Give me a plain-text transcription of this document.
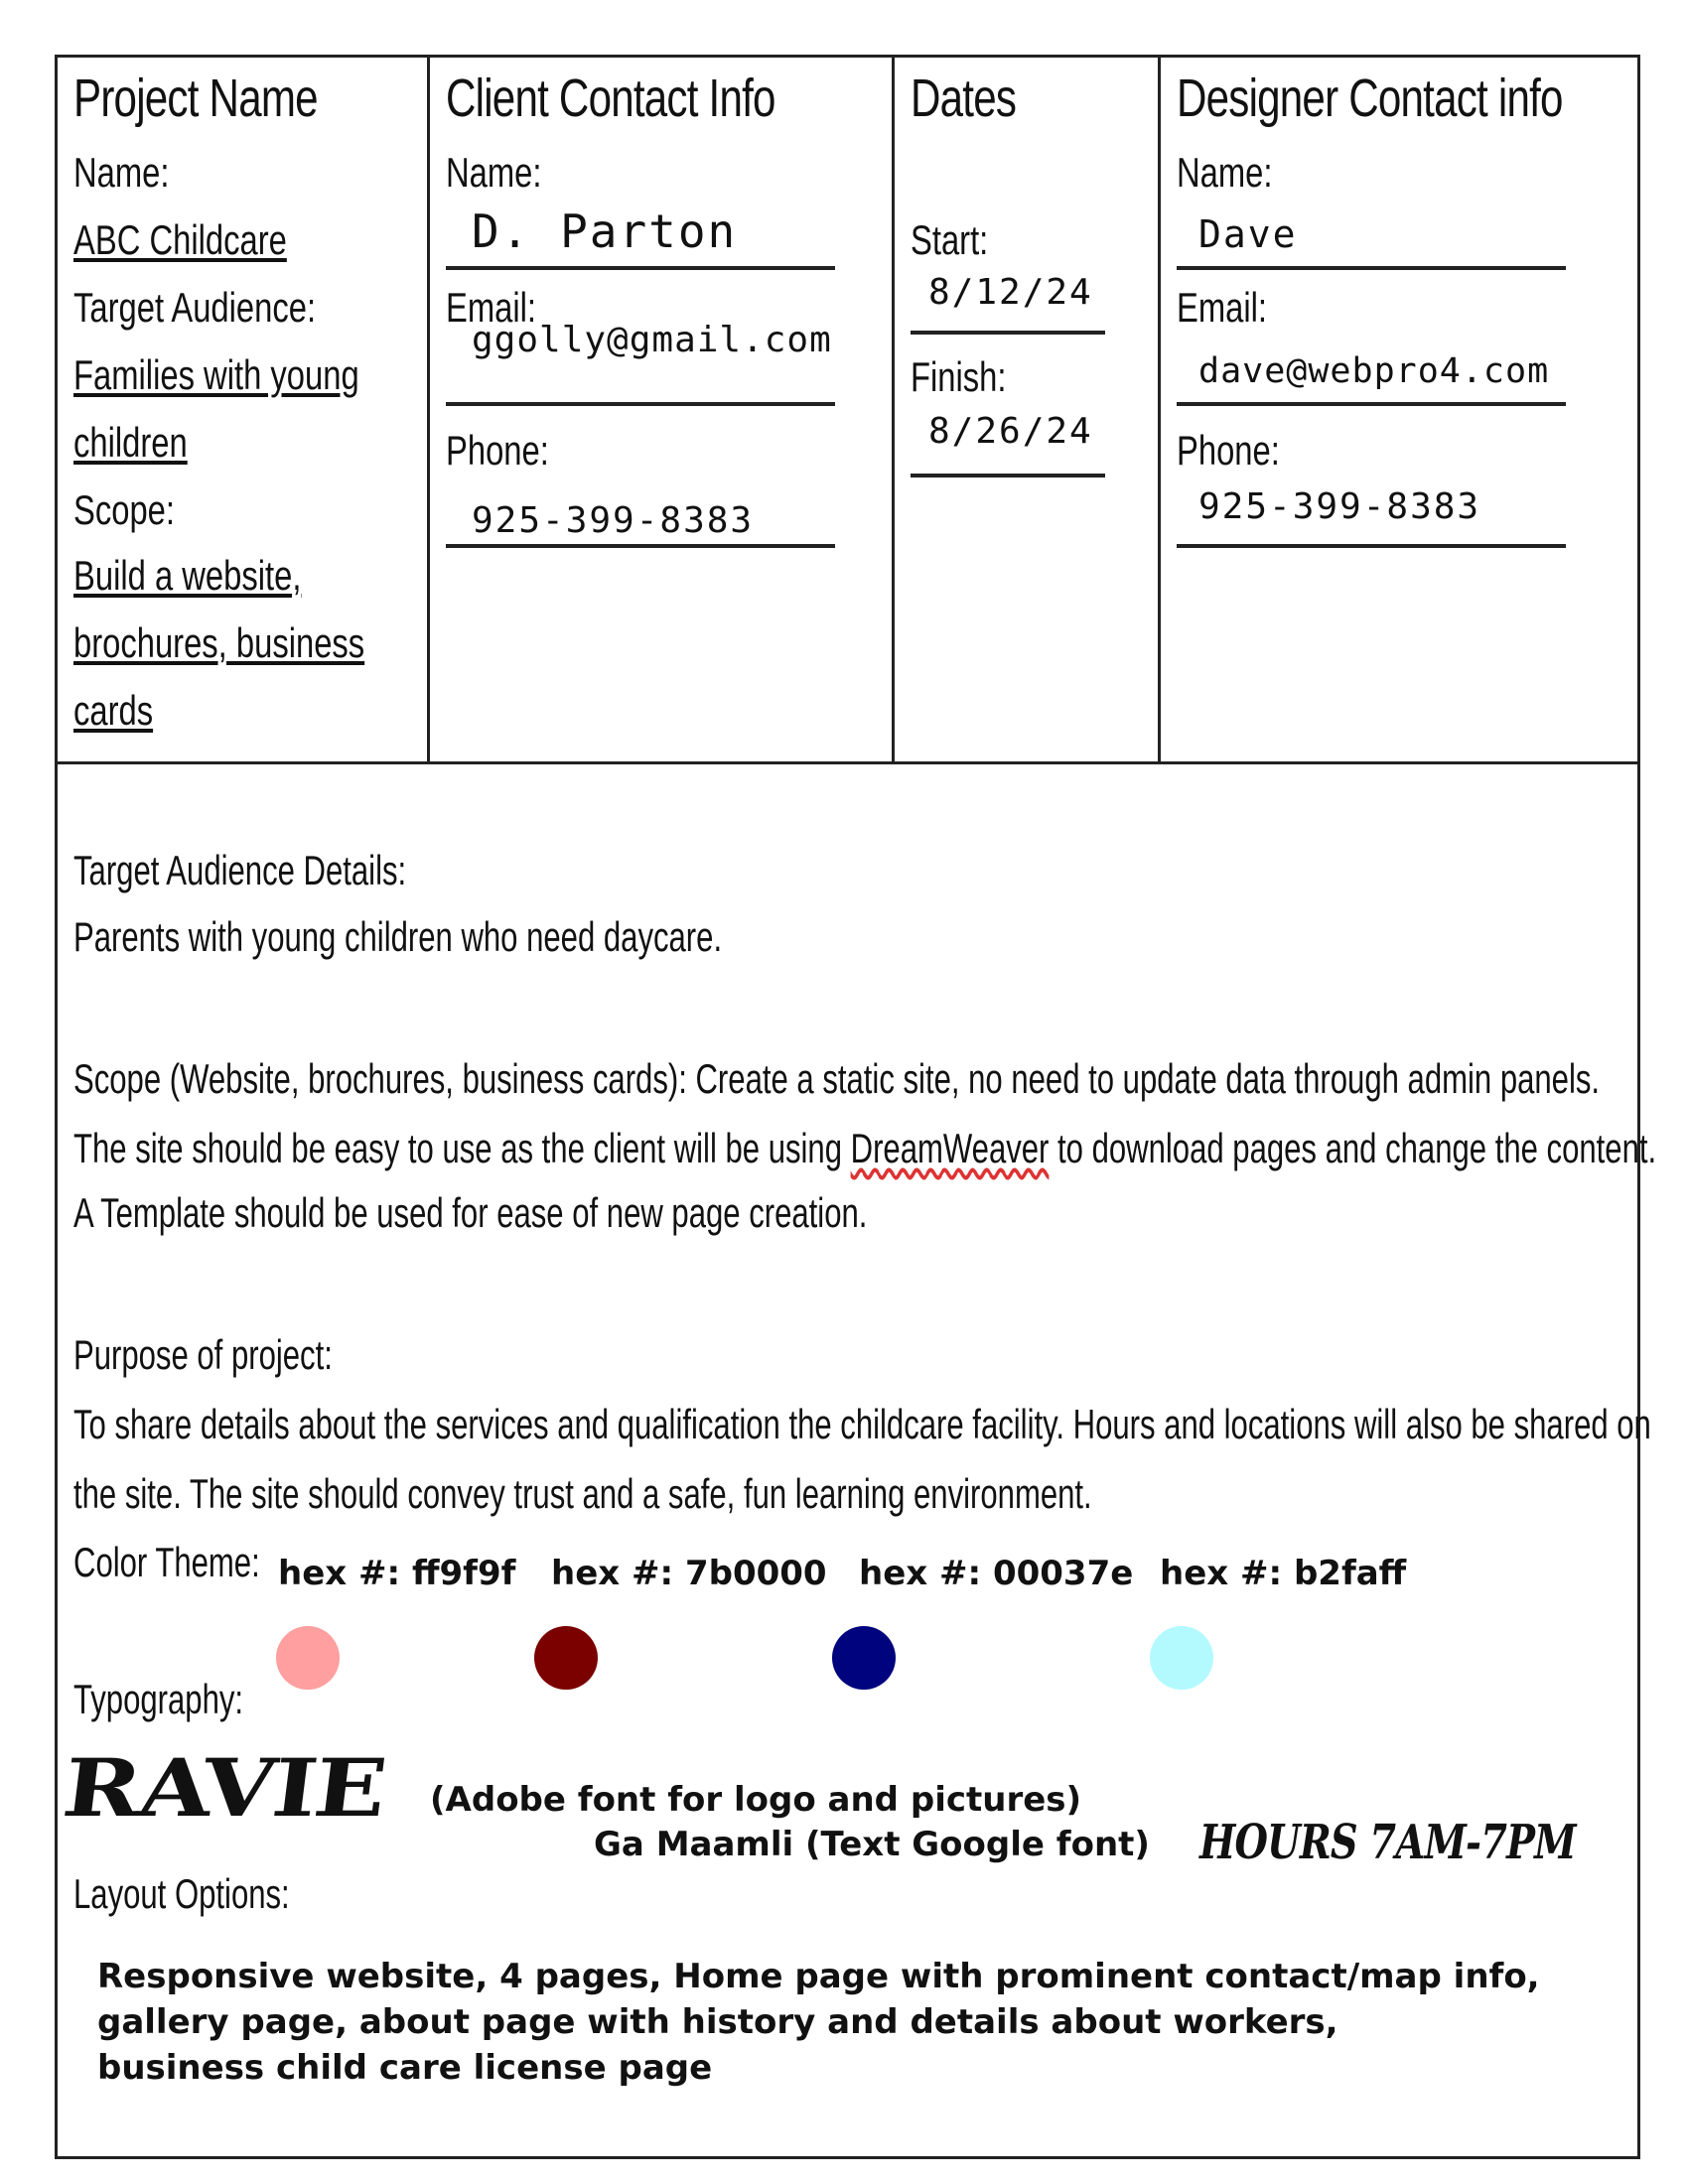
Project Name
Name:
ABC Childcare
Target Audience:
Families with young
children
Scope:
Build a website,
brochures, business
cards
Client Contact Info
Name:
D. Parton
Email:
ggolly@gmail.com
Phone:
925-399-8383
Dates
Start:
8/12/24
Finish:
8/26/24
Designer Contact info
Name:
Dave
Email:
dave@webpro4.com
Phone:
925-399-8383
Target Audience Details:
Parents with young children who need daycare.
Scope (Website, brochures, business cards): Create a static site, no need to update data through admin panels.
The site should be easy to use as the client will be using DreamWeaver to download pages and change the content.
A Template should be used for ease of new page creation.
Purpose of project:
To share details about the services and qualification the childcare facility. Hours and locations will also be shared on
the site. The site should convey trust and a safe, fun learning environment.
Color Theme: hex #: ff9f9f hex #: 7b0000 hex #: 00037e hex #: b2faff
Typography:
RAVIE (Adobe font for logo and pictures)
Ga Maamli (Text Google font) HOURS 7AM-7PM
Layout Options:
Responsive website, 4 pages, Home page with prominent contact/map info,
gallery page, about page with history and details about workers,
business child care license page
